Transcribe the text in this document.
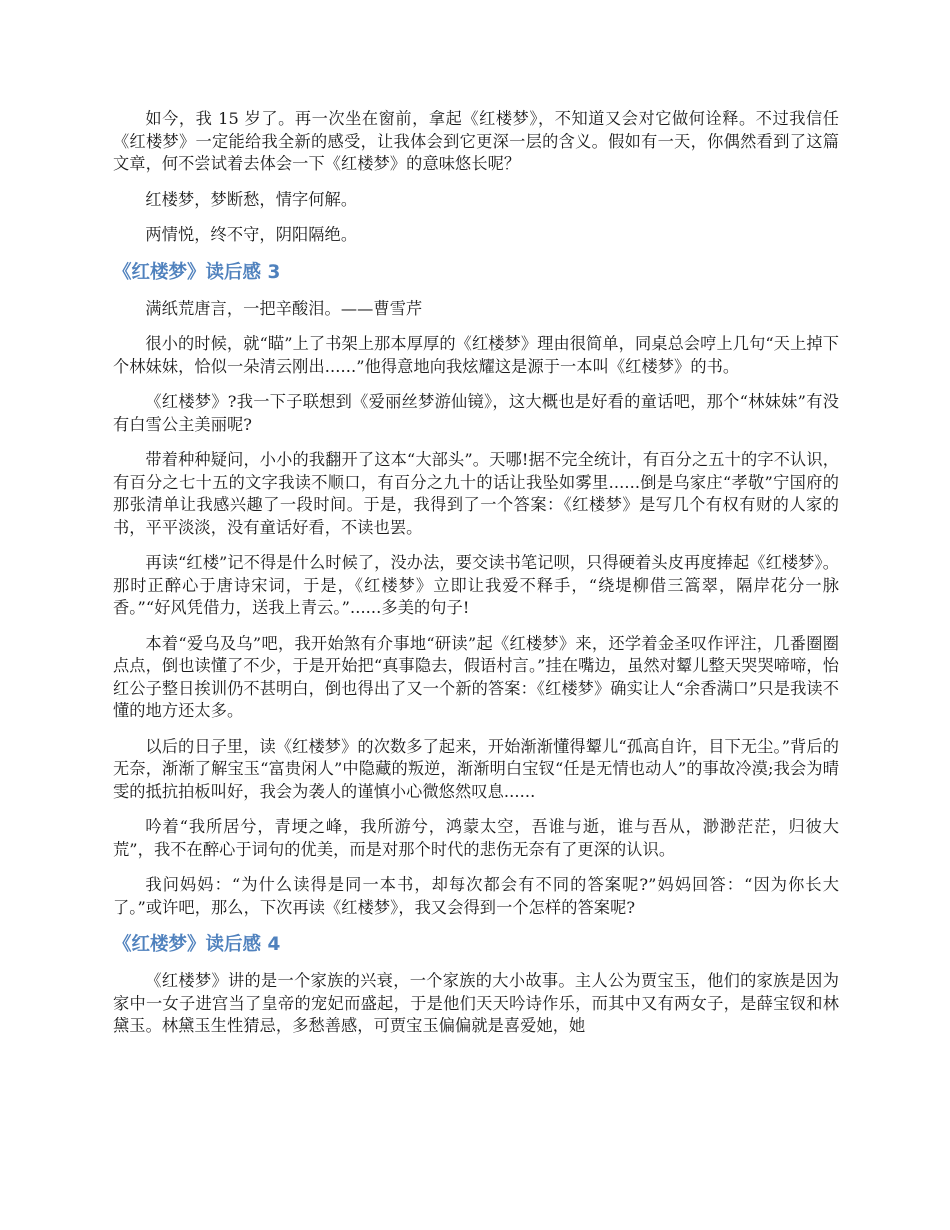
如今，我 15 岁了。再一次坐在窗前，拿起《红楼梦》，不知道又会对它做何诠释。不过我信任《红楼梦》一定能给我全新的感受，让我体会到它更深一层的含义。假如有一天，你偶然看到了这篇文章，何不尝试着去体会一下《红楼梦》的意味悠长呢？

红楼梦，梦断愁，情字何解。

两情悦，终不守，阴阳隔绝。

《红楼梦》读后感 3

满纸荒唐言，一把辛酸泪。——曹雪芹

很小的时候，就“瞄”上了书架上那本厚厚的《红楼梦》理由很简单，同桌总会哼上几句“天上掉下个林妹妹，恰似一朵清云刚出......”他得意地向我炫耀这是源于一本叫《红楼梦》的书。

《红楼梦》?我一下子联想到《爱丽丝梦游仙镜》，这大概也是好看的童话吧，那个“林妹妹”有没有白雪公主美丽呢?

带着种种疑问，小小的我翻开了这本“大部头”。天哪!据不完全统计，有百分之五十的字不认识，有百分之七十五的文字我读不顺口，有百分之九十的话让我坠如雾里......倒是乌家庄“孝敬”宁国府的那张清单让我感兴趣了一段时间。于是，我得到了一个答案：《红楼梦》是写几个有权有财的人家的书，平平淡淡，没有童话好看，不读也罢。

再读“红楼”记不得是什么时候了，没办法，要交读书笔记呗，只得硬着头皮再度捧起《红楼梦》。那时正醉心于唐诗宋词，于是，《红楼梦》立即让我爱不释手，“绕堤柳借三篙翠，隔岸花分一脉香。”“好风凭借力，送我上青云。”......多美的句子!

本着“爱乌及乌”吧，我开始煞有介事地“研读”起《红楼梦》来，还学着金圣叹作评注，几番圈圈点点，倒也读懂了不少，于是开始把“真事隐去，假语村言。”挂在嘴边，虽然对颦儿整天哭哭啼啼，怡红公子整日挨训仍不甚明白，倒也得出了又一个新的答案：《红楼梦》确实让人“余香满口”只是我读不懂的地方还太多。

以后的日子里，读《红楼梦》的次数多了起来，开始渐渐懂得颦儿“孤高自许，目下无尘。”背后的无奈，渐渐了解宝玉“富贵闲人”中隐藏的叛逆，渐渐明白宝钗“任是无情也动人”的事故冷漠;我会为晴雯的抵抗拍板叫好，我会为袭人的谨慎小心微悠然叹息......

吟着“我所居兮，青埂之峰，我所游兮，鸿蒙太空，吾谁与逝，谁与吾从，渺渺茫茫，归彼大荒”，我不在醉心于词句的优美，而是对那个时代的悲伤无奈有了更深的认识。

我问妈妈：“为什么读得是同一本书，却每次都会有不同的答案呢?”妈妈回答：“因为你长大了。”或许吧，那么，下次再读《红楼梦》，我又会得到一个怎样的答案呢?

《红楼梦》读后感 4

《红楼梦》讲的是一个家族的兴衰，一个家族的大小故事。主人公为贾宝玉，他们的家族是因为家中一女子进宫当了皇帝的宠妃而盛起，于是他们天天吟诗作乐，而其中又有两女子，是薛宝钗和林黛玉。林黛玉生性猜忌，多愁善感，可贾宝玉偏偏就是喜爱她，她
